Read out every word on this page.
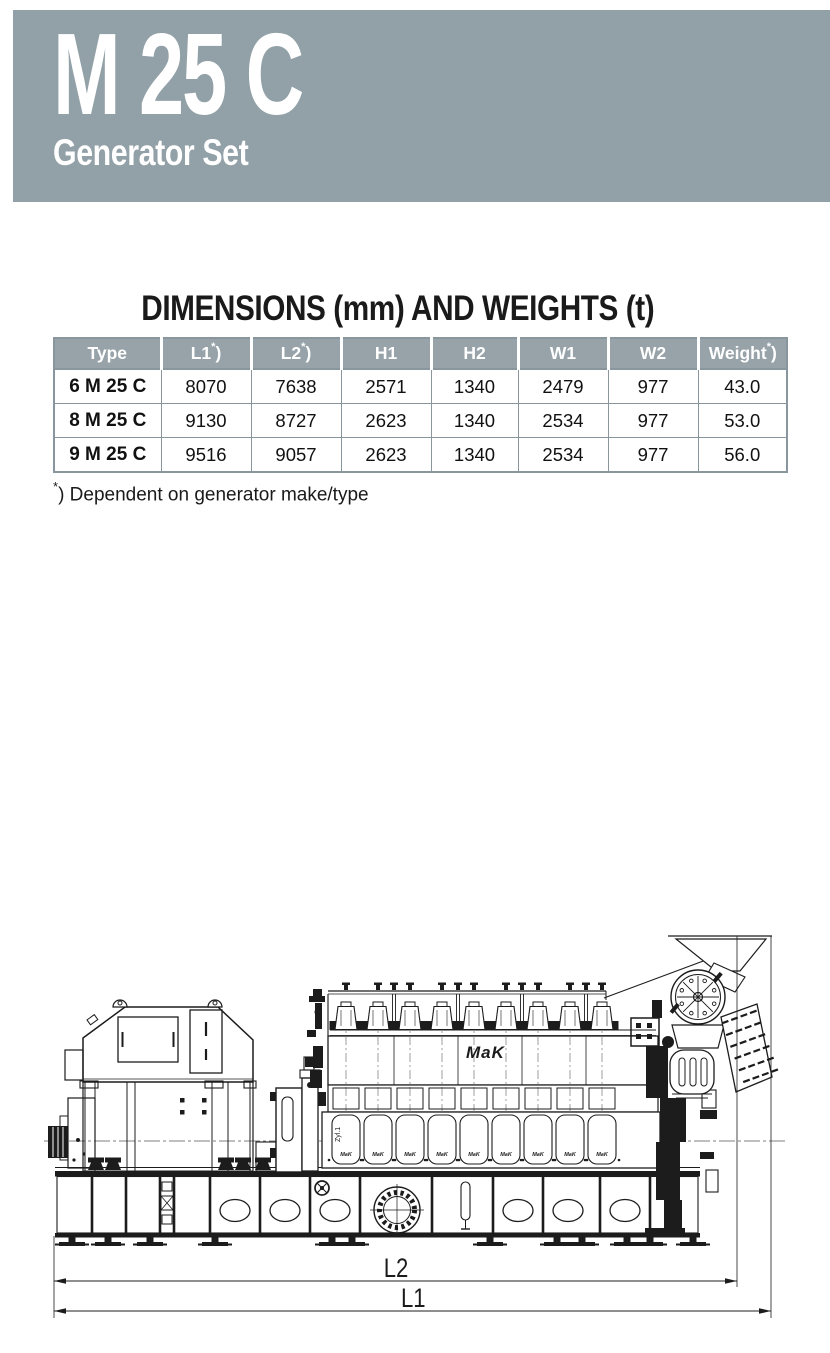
M 25 C
Generator Set
DIMENSIONS (mm) AND WEIGHTS (t)
Type	L1*)	L2*)	H1	H2	W1	W2	Weight*)
6 M 25 C	8070	7638	2571	1340	2479	977	43.0
8 M 25 C	9130	8727	2623	1340	2534	977	53.0
9 M 25 C	9516	9057	2623	1340	2534	977	56.0
*) Dependent on generator make/type
MaK	MaK	MaK	MaK	MaK	MaK	MaK	MaK	MaK
MaK
Zyl.1
L2
L1
